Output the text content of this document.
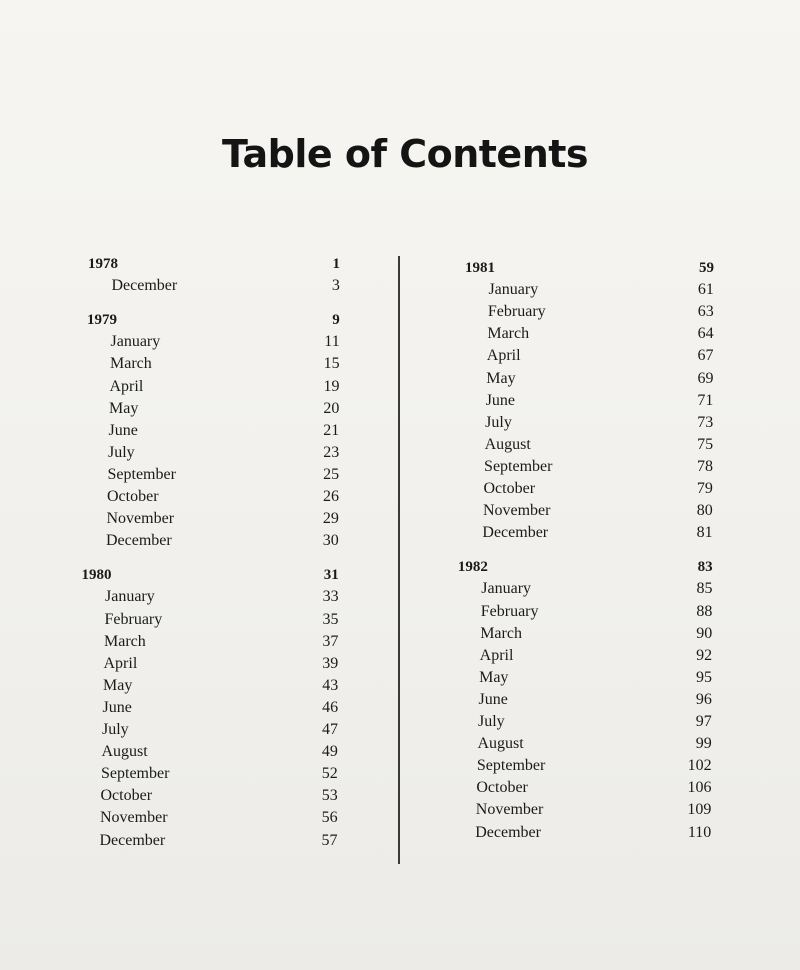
Table of Contents
1978	1
December	3
1979	9
January	11
March	15
April	19
May	20
June	21
July	23
September	25
October	26
November	29
December	30
1980	31
January	33
February	35
March	37
April	39
May	43
June	46
July	47
August	49
September	52
October	53
November	56
December	57
1981	59
January	61
February	63
March	64
April	67
May	69
June	71
July	73
August	75
September	78
October	79
November	80
December	81
1982	83
January	85
February	88
March	90
April	92
May	95
June	96
July	97
August	99
September	102
October	106
November	109
December	110
